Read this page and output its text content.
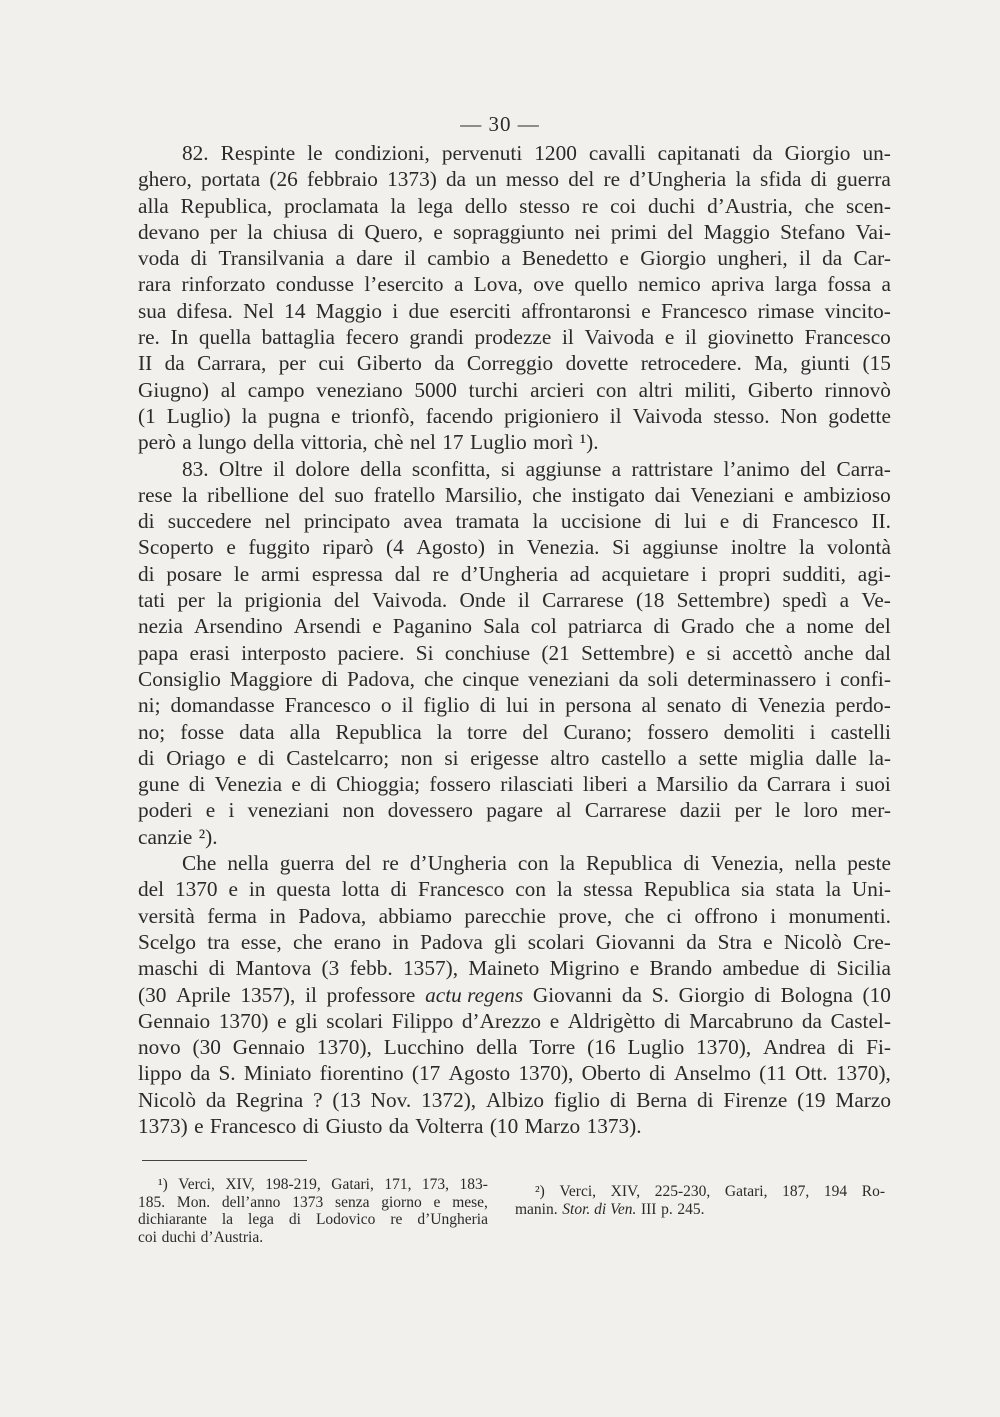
— 30 —
82. Respinte le condizioni, pervenuti 1200 cavalli capitanati da Giorgio un-
ghero, portata (26 febbraio 1373) da un messo del re d’Ungheria la sfida di guerra
alla Republica, proclamata la lega dello stesso re coi duchi d’Austria, che scen-
devano per la chiusa di Quero, e sopraggiunto nei primi del Maggio Stefano Vai-
voda di Transilvania a dare il cambio a Benedetto e Giorgio ungheri, il da Car-
rara rinforzato condusse l’esercito a Lova, ove quello nemico apriva larga fossa a
sua difesa. Nel 14 Maggio i due eserciti affrontaronsi e Francesco rimase vincito-
re. In quella battaglia fecero grandi prodezze il Vaivoda e il giovinetto Francesco
II da Carrara, per cui Giberto da Correggio dovette retrocedere. Ma, giunti (15
Giugno) al campo veneziano 5000 turchi arcieri con altri militi, Giberto rinnovò
(1 Luglio) la pugna e trionfò, facendo prigioniero il Vaivoda stesso. Non godette
però a lungo della vittoria, chè nel 17 Luglio morì ¹).
83. Oltre il dolore della sconfitta, si aggiunse a rattristare l’animo del Carra-
rese la ribellione del suo fratello Marsilio, che instigato dai Veneziani e ambizioso
di succedere nel principato avea tramata la uccisione di lui e di Francesco II.
Scoperto e fuggito riparò (4 Agosto) in Venezia. Si aggiunse inoltre la volontà
di posare le armi espressa dal re d’Ungheria ad acquietare i propri sudditi, agi-
tati per la prigionia del Vaivoda. Onde il Carrarese (18 Settembre) spedì a Ve-
nezia Arsendino Arsendi e Paganino Sala col patriarca di Grado che a nome del
papa erasi interposto paciere. Si conchiuse (21 Settembre) e si accettò anche dal
Consiglio Maggiore di Padova, che cinque veneziani da soli determinassero i confi-
ni; domandasse Francesco o il figlio di lui in persona al senato di Venezia perdo-
no; fosse data alla Republica la torre del Curano; fossero demoliti i castelli
di Oriago e di Castelcarro; non si erigesse altro castello a sette miglia dalle la-
gune di Venezia e di Chioggia; fossero rilasciati liberi a Marsilio da Carrara i suoi
poderi e i veneziani non dovessero pagare al Carrarese dazii per le loro mer-
canzie ²).
Che nella guerra del re d’Ungheria con la Republica di Venezia, nella peste
del 1370 e in questa lotta di Francesco con la stessa Republica sia stata la Uni-
versità ferma in Padova, abbiamo parecchie prove, che ci offrono i monumenti.
Scelgo tra esse, che erano in Padova gli scolari Giovanni da Stra e Nicolò Cre-
maschi di Mantova (3 febb. 1357), Maineto Migrino e Brando ambedue di Sicilia
(30 Aprile 1357), il professore actu regens Giovanni da S. Giorgio di Bologna (10
Gennaio 1370) e gli scolari Filippo d’Arezzo e Aldrigètto di Marcabruno da Castel-
novo (30 Gennaio 1370), Lucchino della Torre (16 Luglio 1370), Andrea di Fi-
lippo da S. Miniato fiorentino (17 Agosto 1370), Oberto di Anselmo (11 Ott. 1370),
Nicolò da Regrina ? (13 Nov. 1372), Albizo figlio di Berna di Firenze (19 Marzo
1373) e Francesco di Giusto da Volterra (10 Marzo 1373).
¹) Verci, XIV, 198-219, Gatari, 171, 173, 183-
185. Mon. dell’anno 1373 senza giorno e mese,
dichiarante la lega di Lodovico re d’Ungheria
coi duchi d’Austria.
²) Verci, XIV, 225-230, Gatari, 187, 194 Ro-
manin. Stor. di Ven. III p. 245.
